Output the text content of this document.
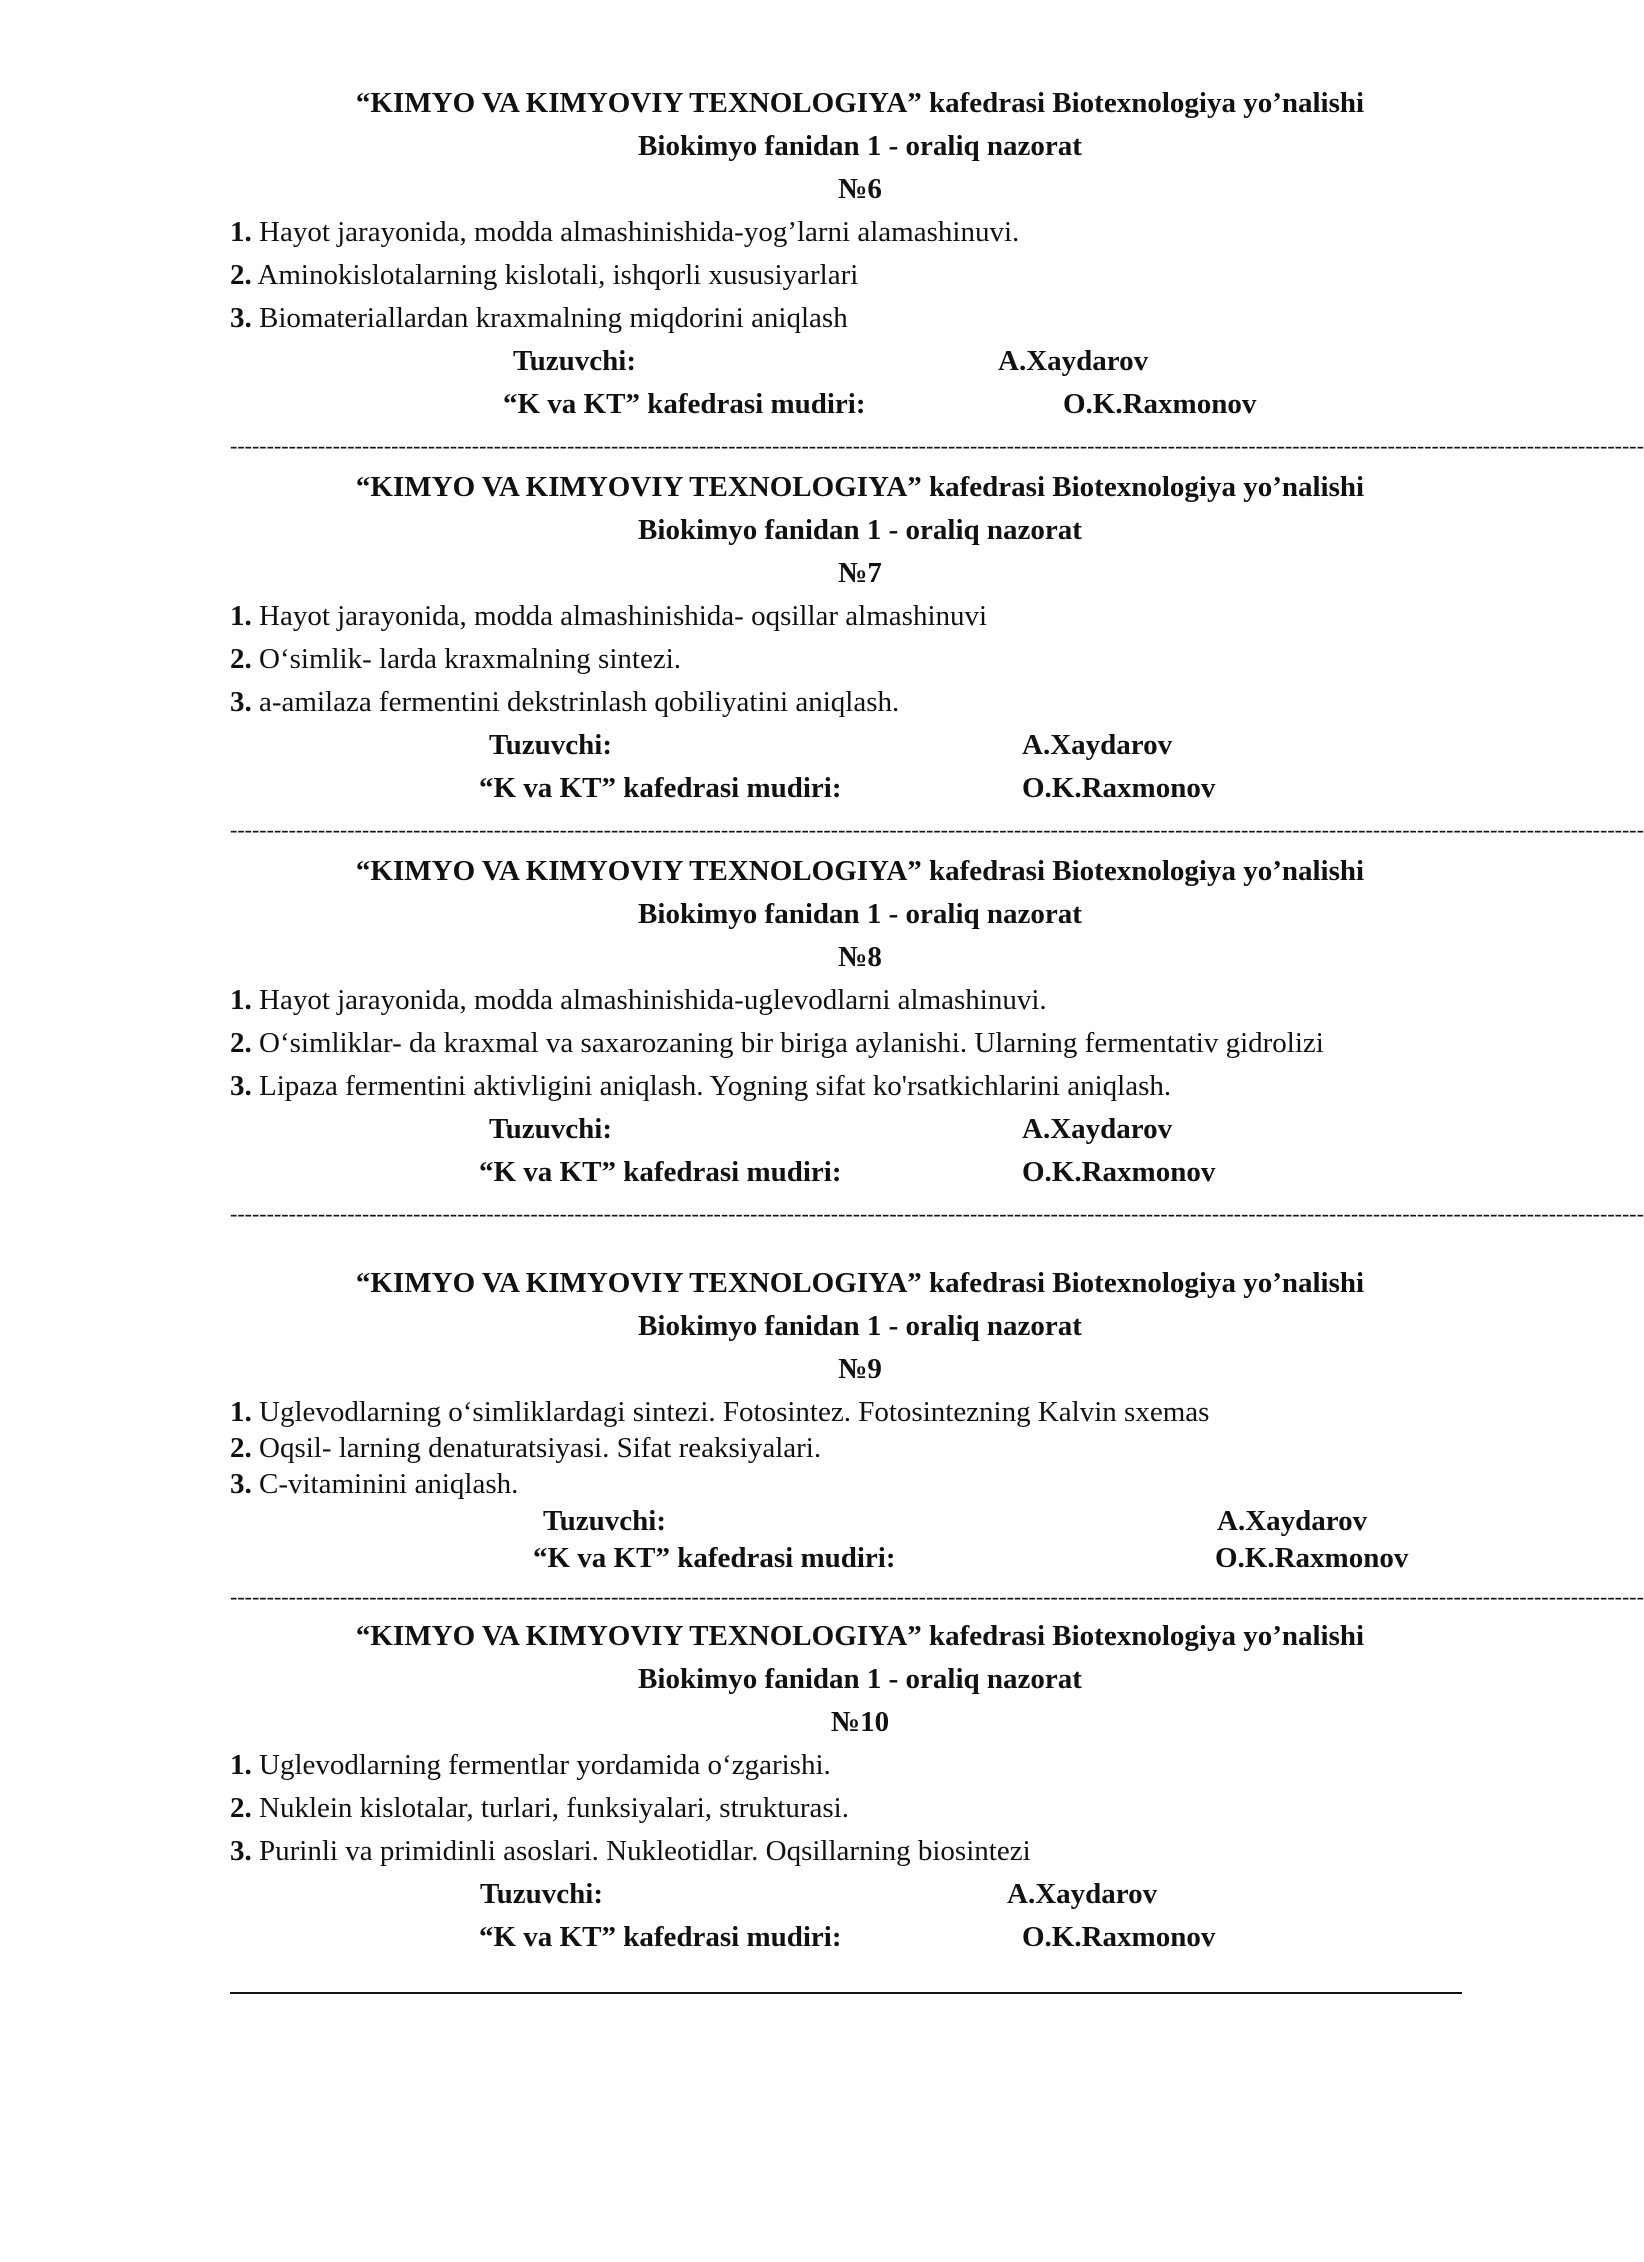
“KIMYO VA KIMYOVIY TEXNOLOGIYA” kafedrasi Biotexnologiya yo’nalishi
Biokimyo fanidan 1 - oraliq nazorat
№6
1. Hayot jarayonida, modda almashinishida-yog’larni alamashinuvi.
2. Aminokislotalarning kislotali, ishqorli xususiyarlari
3. Biomateriallardan kraxmalning miqdorini aniqlash
Tuzuvchi:	A.Xaydarov
“K va KT” kafedrasi mudiri:	O.K.Raxmonov
-------------------------------------------------------------------------------------------------------------------------------------------------------------------------------------------------
“KIMYO VA KIMYOVIY TEXNOLOGIYA” kafedrasi Biotexnologiya yo’nalishi
Biokimyo fanidan 1 - oraliq nazorat
№7
1. Hayot jarayonida, modda almashinishida- oqsillar almashinuvi
2. O‘simlik- larda kraxmalning sintezi.
3. a-amilaza fermentini dekstrinlash qobiliyatini aniqlash.
Tuzuvchi:	A.Xaydarov
“K va KT” kafedrasi mudiri:	O.K.Raxmonov
-------------------------------------------------------------------------------------------------------------------------------------------------------------------------------------------------
“KIMYO VA KIMYOVIY TEXNOLOGIYA” kafedrasi Biotexnologiya yo’nalishi
Biokimyo fanidan 1 - oraliq nazorat
№8
1. Hayot jarayonida, modda almashinishida-uglevodlarni almashinuvi.
2. O‘simliklar- da kraxmal va saxarozaning bir biriga aylanishi. Ularning fermentativ gidrolizi
3. Lipaza fermentini aktivligini aniqlash. Yogning sifat ko'rsatkichlarini aniqlash.
Tuzuvchi:	A.Xaydarov
“K va KT” kafedrasi mudiri:	O.K.Raxmonov
-------------------------------------------------------------------------------------------------------------------------------------------------------------------------------------------------
“KIMYO VA KIMYOVIY TEXNOLOGIYA” kafedrasi Biotexnologiya yo’nalishi
Biokimyo fanidan 1 - oraliq nazorat
№9
1. Uglevodlarning o‘simliklardagi sintezi. Fotosintez. Fotosintezning Kalvin sxemas
2. Oqsil- larning denaturatsiyasi. Sifat reaksiyalari.
3. C-vitaminini aniqlash.
Tuzuvchi:	A.Xaydarov
“K va KT” kafedrasi mudiri:	O.K.Raxmonov
-------------------------------------------------------------------------------------------------------------------------------------------------------------------------------------------------
“KIMYO VA KIMYOVIY TEXNOLOGIYA” kafedrasi Biotexnologiya yo’nalishi
Biokimyo fanidan 1 - oraliq nazorat
№10
1. Uglevodlarning fermentlar yordamida o‘zgarishi.
2. Nuklein kislotalar, turlari, funksiyalari, strukturasi.
3. Purinli va primidinli asoslari. Nukleotidlar. Oqsillarning biosintezi
Tuzuvchi:	A.Xaydarov
“K va KT” kafedrasi mudiri:	O.K.Raxmonov
